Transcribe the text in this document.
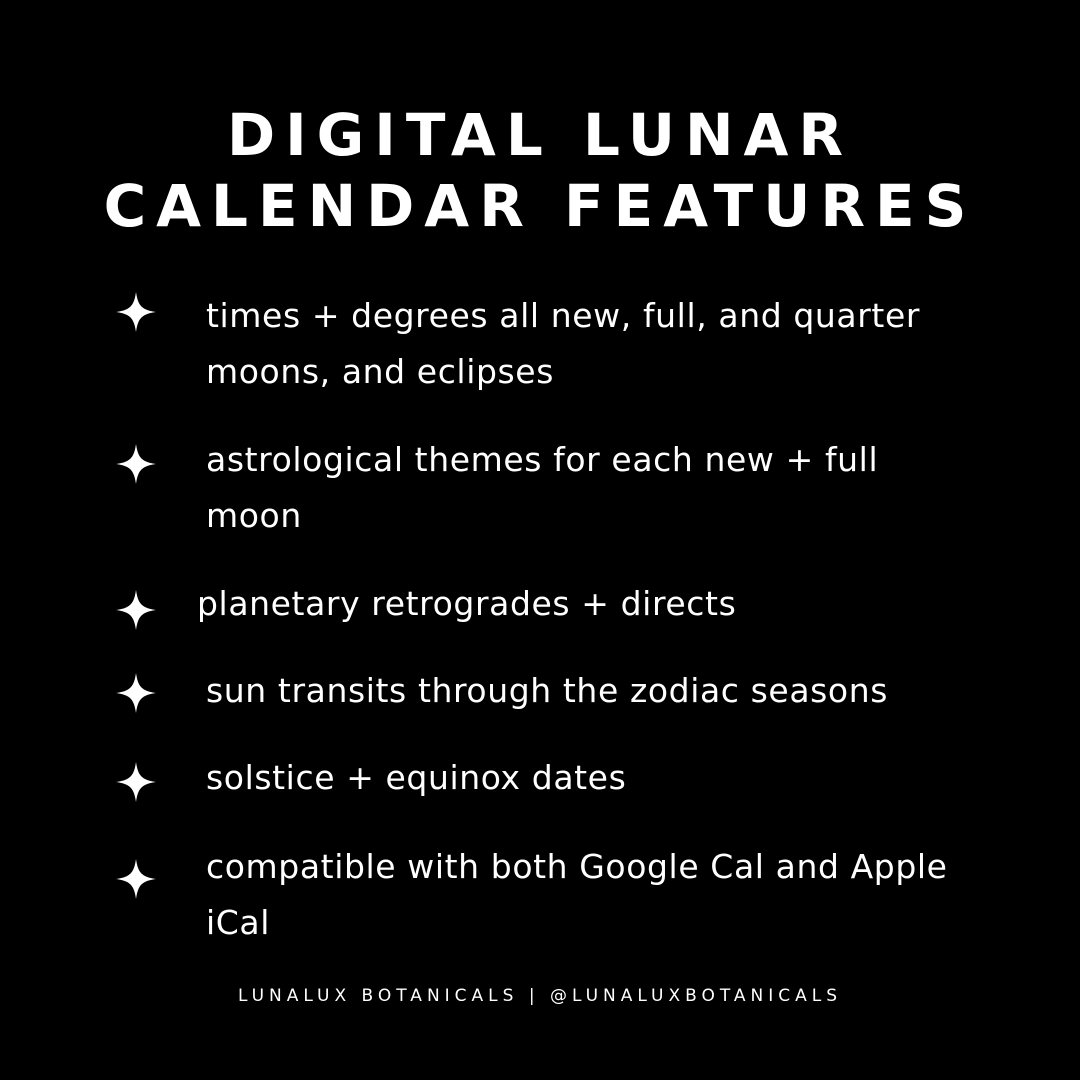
DIGITAL LUNAR
CALENDAR FEATURES

times + degrees all new, full, and quarter moons, and eclipses

astrological themes for each new + full moon

planetary retrogrades + directs

sun transits through the zodiac seasons

solstice + equinox dates

compatible with both Google Cal and Apple iCal

LUNALUX BOTANICALS | @LUNALUXBOTANICALS
